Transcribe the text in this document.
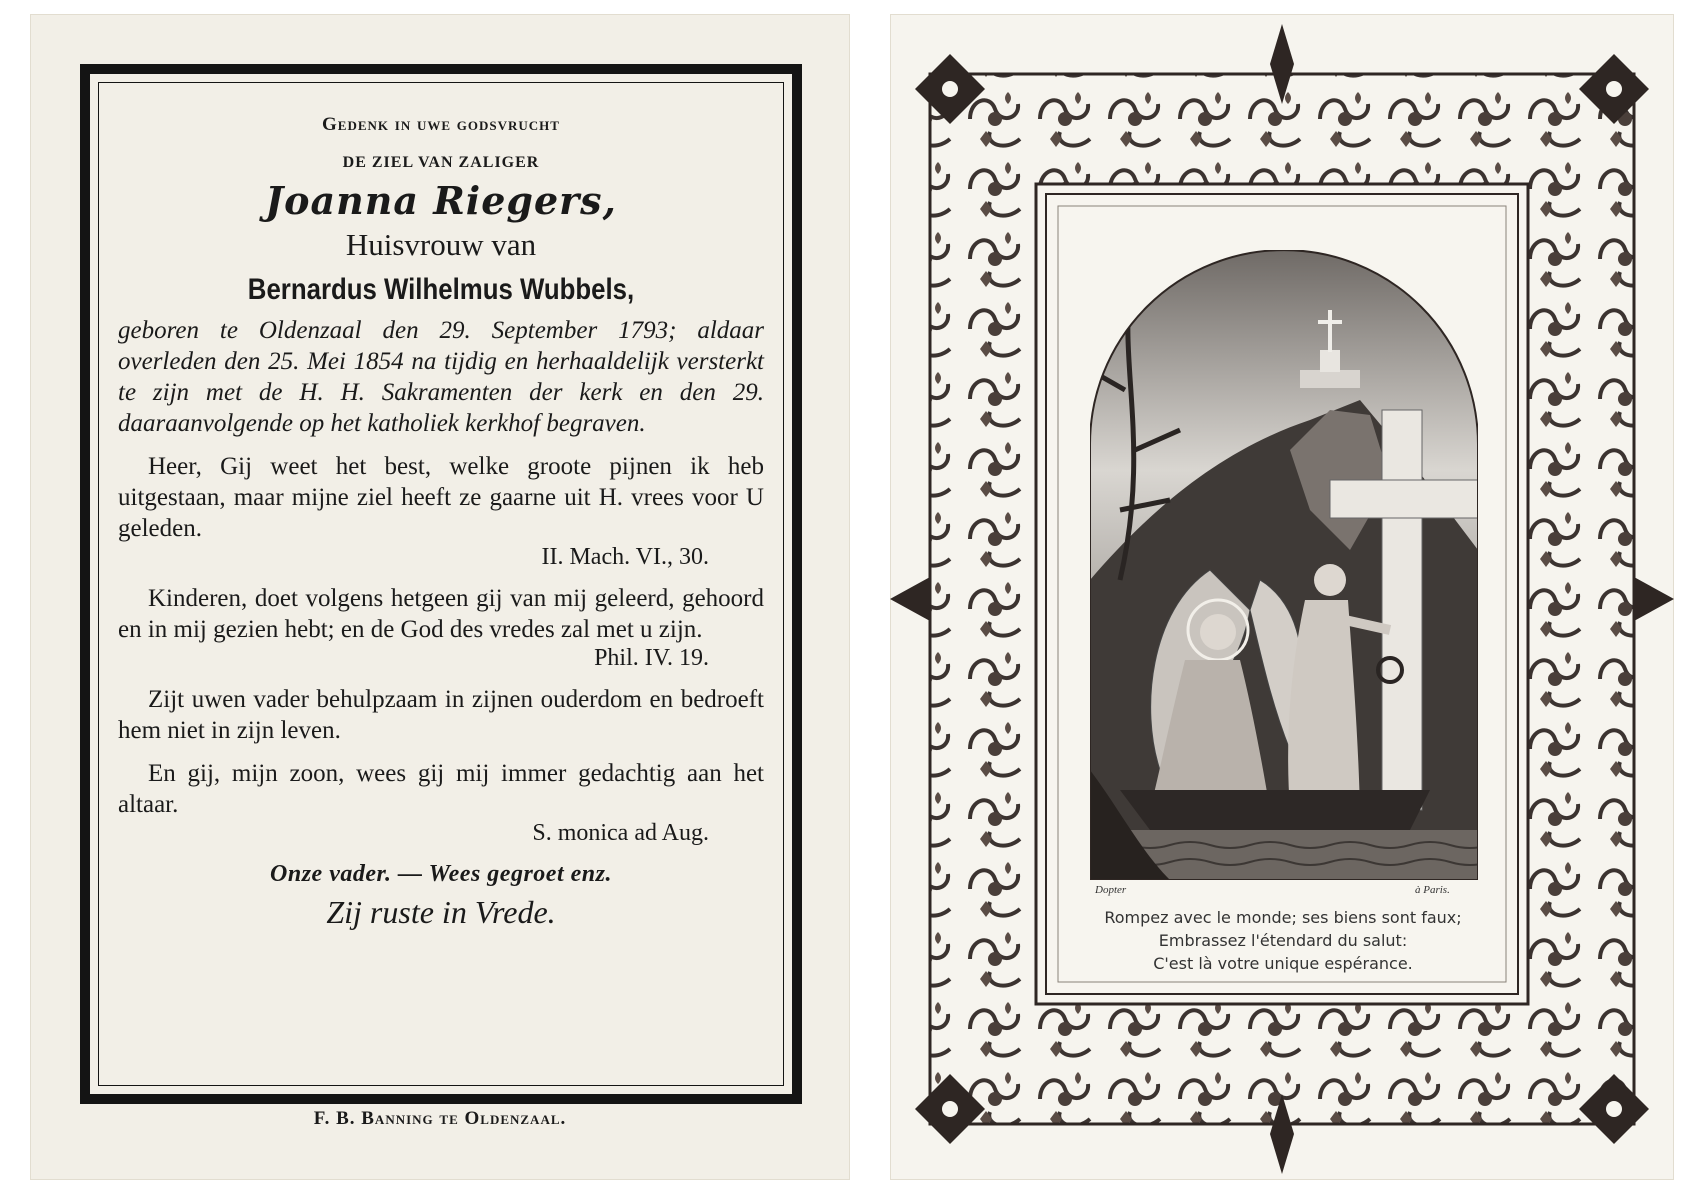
Gedenk in uwe godsvrucht
DE ZIEL VAN ZALIGER
Joanna Riegers,
Huisvrouw van
Bernardus Wilhelmus Wubbels,
geboren te Oldenzaal den 29. September 1793; aldaar overleden den 25. Mei 1854 na tijdig en herhaaldelijk versterkt te zijn met de H. H. Sakramenten der kerk en den 29. daaraanvolgende op het katholiek kerkhof begraven.
Heer, Gij weet het best, welke groote pijnen ik heb uitgestaan, maar mijne ziel heeft ze gaarne uit H. vrees voor U geleden.
II. Mach. VI., 30.
Kinderen, doet volgens hetgeen gij van mij geleerd, gehoord en in mij gezien hebt; en de God des vredes zal met u zijn.
Phil. IV. 19.
Zijt uwen vader behulpzaam in zijnen ouderdom en bedroeft hem niet in zijn leven.
En gij, mijn zoon, wees gij mij immer gedachtig aan het altaar.
S. monica ad Aug.
Onze vader. — Wees gegroet enz.
Zij ruste in Vrede.
F. B. Banning te Oldenzaal.
Dopter	à Paris.
Rompez avec le monde; ses biens sont faux;
Embrassez l'étendard du salut:
C'est là votre unique espérance.
